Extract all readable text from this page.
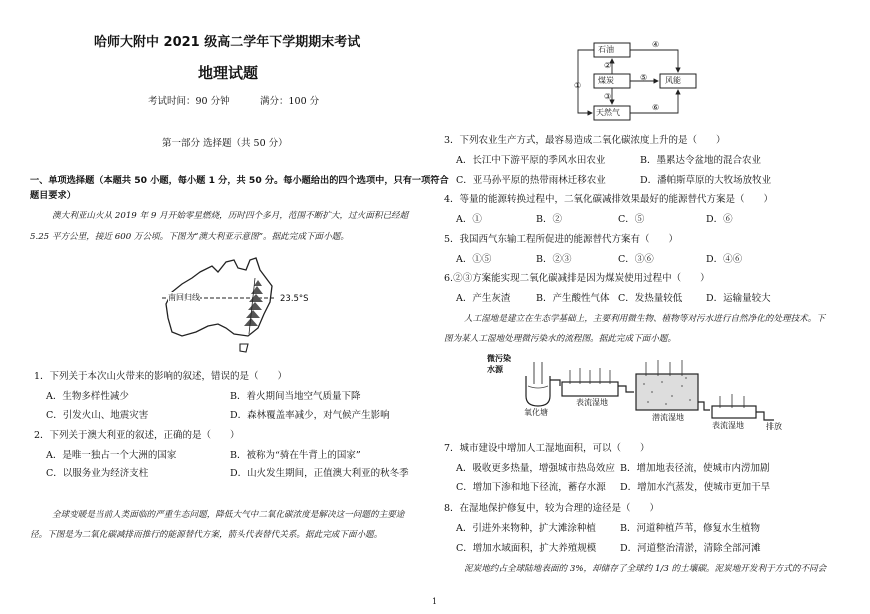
哈师大附中 2021 级高二学年下学期期末考试
地理试题
考试时间：90 分钟	满分：100 分
第一部分 选择题（共 50 分）
一、单项选择题（本题共 50 小题，每小题 1 分，共 50 分。每小题给出的四个选项中，只有一项符合
题目要求）
澳大利亚山火从 2019 年 9 月开始零星燃烧，历时四个多月，范围不断扩大，过火面积已经超
5.25 平方公里，接近 600 万公顷。下图为“澳大利亚示意图”。据此完成下面小题。
南回归线	23.5°S
1．下列关于本次山火带来的影响的叙述，错误的是（　　）
A．生物多样性减少	B．着火期间当地空气质量下降
C．引发火山、地震灾害	D．森林覆盖率减少，对气候产生影响
2．下列关于澳大利亚的叙述，正确的是（　　）
A．是唯一独占一个大洲的国家	B．被称为“骑在牛背上的国家”
C．以服务业为经济支柱	D．山火发生期间，正值澳大利亚的秋冬季
全球变暖是当前人类面临的严重生态问题，降低大气中二氧化碳浓度是解决这一问题的主要途
径。下图是为二氧化碳减排而推行的能源替代方案，箭头代表替代关系。据此完成下面小题。
石油
煤炭
天然气
风能
①
②
③
④
⑤
⑥
3．下列农业生产方式，最容易造成二氧化碳浓度上升的是（　　）
A．长江中下游平原的季风水田农业	B．墨累达令盆地的混合农业
C．亚马孙平原的热带雨林迁移农业	D．潘帕斯草原的大牧场放牧业
4．等量的能源转换过程中，二氧化碳减排效果最好的能源替代方案是（　　）
A．①	B．②	C．⑤	D．⑥
5．我国西气东输工程所促进的能源替代方案有（　　）
A．①⑤	B．②③	C．③⑥	D．④⑥
6.②③方案能实现二氧化碳减排是因为煤炭使用过程中（　　）
A．产生灰渣	B．产生酸性气体 C．发热量较低 D．运输量较大
人工湿地是建立在生态学基础上，主要利用微生物、植物等对污水进行自然净化的处理技术。下
图为某人工湿地处理微污染水的流程图。据此完成下面小题。
微污染
水源
氧化塘
表流湿地
潜流湿地
表流湿地	排放
7．城市建设中增加人工湿地面积，可以（　　）
A．吸收更多热量，增强城市热岛效应 B．增加地表径流，使城市内涝加剧
C．增加下渗和地下径流，蓄存水源 D．增加水汽蒸发，使城市更加干旱
8．在湿地保护修复中，较为合理的途径是（　　）
A．引进外来物种，扩大滩涂种植	B．河道种植芦苇，修复水生植物
C．增加水域面积，扩大养殖规模 D．河道整治清淤，清除全部河滩
泥炭地约占全球陆地表面的 3%，却储存了全球约 1/3 的土壤碳。泥炭地开发利于方式的不同会
1
